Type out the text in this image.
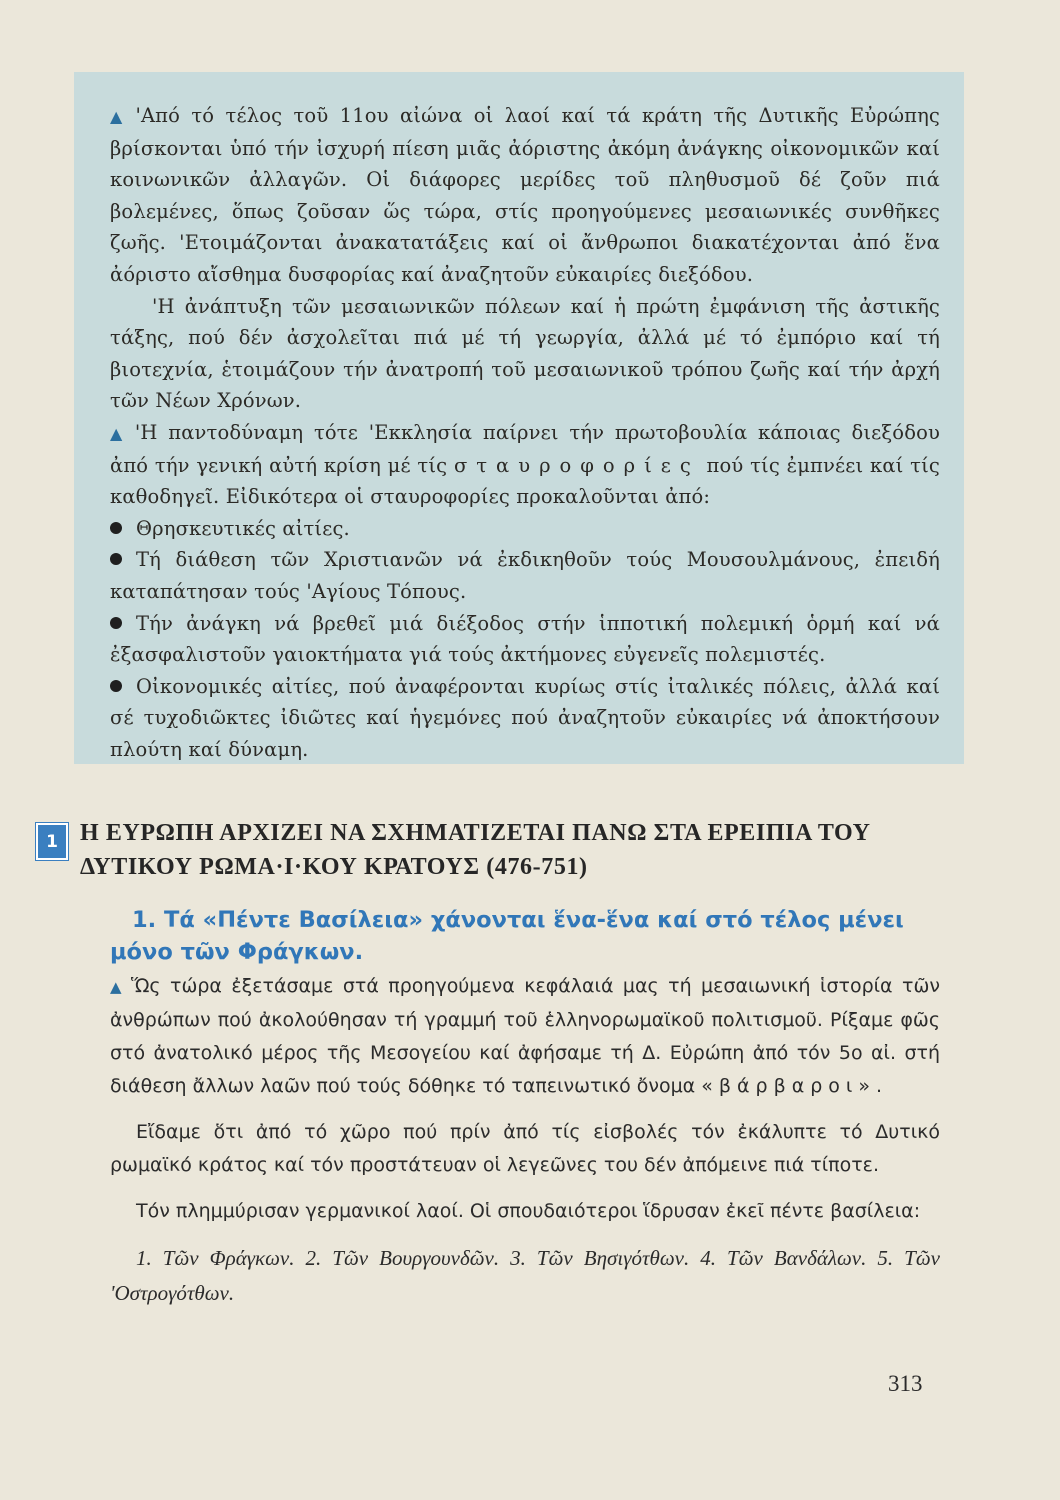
▲ 'Από τό τέλος τοῦ 11ου αἰώνα οἱ λαοί καί τά κράτη τῆς Δυτικῆς Εὐρώπης βρίσκονται ὑπό τήν ἰσχυρή πίεση μιᾶς ἀόριστης ἀκόμη ἀνάγκης οἰκονομικῶν καί κοινωνικῶν ἀλλαγῶν. Οἱ διάφορες μερίδες τοῦ πληθυσμοῦ δέ ζοῦν πιά βολεμένες, ὅπως ζοῦσαν ὥς τώρα, στίς προηγούμενες μεσαιωνικές συνθῆκες ζωῆς. 'Ετοιμάζονται ἀνακατατάξεις καί οἱ ἄνθρωποι διακατέχονται ἀπό ἕνα ἀόριστο αἴσθημα δυσφορίας καί ἀναζητοῦν εὐκαιρίες διεξόδου.

'Η ἀνάπτυξη τῶν μεσαιωνικῶν πόλεων καί ἡ πρώτη ἐμφάνιση τῆς ἀστικῆς τάξης, πού δέν ἀσχολεῖται πιά μέ τή γεωργία, ἀλλά μέ τό ἐμπόριο καί τή βιοτεχνία, ἑτοιμάζουν τήν ἀνατροπή τοῦ μεσαιωνικοῦ τρόπου ζωῆς καί τήν ἀρχή τῶν Νέων Χρόνων.

▲ 'Η παντοδύναμη τότε 'Εκκλησία παίρνει τήν πρωτοβουλία κάποιας διεξόδου ἀπό τήν γενική αὐτή κρίση μέ τίς σταυροφορίες πού τίς ἐμπνέει καί τίς καθοδηγεῖ. Εἰδικότερα οἱ σταυροφορίες προκαλοῦνται ἀπό:

Θρησκευτικές αἰτίες.

Τή διάθεση τῶν Χριστιανῶν νά ἐκδικηθοῦν τούς Μουσουλμάνους, ἐπειδή καταπάτησαν τούς 'Αγίους Τόπους.

Τήν ἀνάγκη νά βρεθεῖ μιά διέξοδος στήν ἱπποτική πολεμική ὁρμή καί νά ἐξασφαλιστοῦν γαιοκτήματα γιά τούς ἀκτήμονες εὐγενεῖς πολεμιστές.

Οἰκονομικές αἰτίες, πού ἀναφέρονται κυρίως στίς ἰταλικές πόλεις, ἀλλά καί σέ τυχοδιῶκτες ἰδιῶτες καί ἡγεμόνες πού ἀναζητοῦν εὐκαιρίες νά ἀποκτήσουν πλούτη καί δύναμη.

1 Η ΕΥΡΩΠΗ ΑΡΧΙΖΕΙ ΝΑ ΣΧΗΜΑΤΙΖΕΤΑΙ ΠΑΝΩ ΣΤΑ ΕΡΕΙΠΙΑ ΤΟΥ
ΔΥΤΙΚΟΥ ΡΩΜΑ·Ι·ΚΟΥ ΚΡΑΤΟΥΣ (476-751)
1. Τά «Πέντε Βασίλεια» χάνονται ἕνα-ἕνα καί στό τέλος μένει
μόνο τῶν Φράγκων.

▲ Ὥς τώρα ἐξετάσαμε στά προηγούμενα κεφάλαιά μας τή μεσαιωνική ἱστορία τῶν ἀνθρώπων πού ἀκολούθησαν τή γραμμή τοῦ ἑλληνορωμαϊκοῦ πολιτισμοῦ. Ρίξαμε φῶς στό ἀνατολικό μέρος τῆς Μεσογείου καί ἀφήσαμε τή Δ. Εὐρώπη ἀπό τόν 5ο αἰ. στή διάθεση ἄλλων λαῶν πού τούς δόθηκε τό ταπεινωτικό ὄνομα «βάρβαροι».

Εἴδαμε ὅτι ἀπό τό χῶρο πού πρίν ἀπό τίς εἰσβολές τόν ἐκάλυπτε τό Δυτικό ρωμαϊκό κράτος καί τόν προστάτευαν οἱ λεγεῶνες του δέν ἀπόμεινε πιά τίποτε.

Τόν πλημμύρισαν γερμανικοί λαοί. Οἱ σπουδαιότεροι ἵδρυσαν ἐκεῖ πέντε βασίλεια:

1. Τῶν Φράγκων. 2. Τῶν Βουργουνδῶν. 3. Τῶν Βησιγότθων. 4. Τῶν Βανδάλων. 5. Τῶν 'Οστρογότθων.

313
